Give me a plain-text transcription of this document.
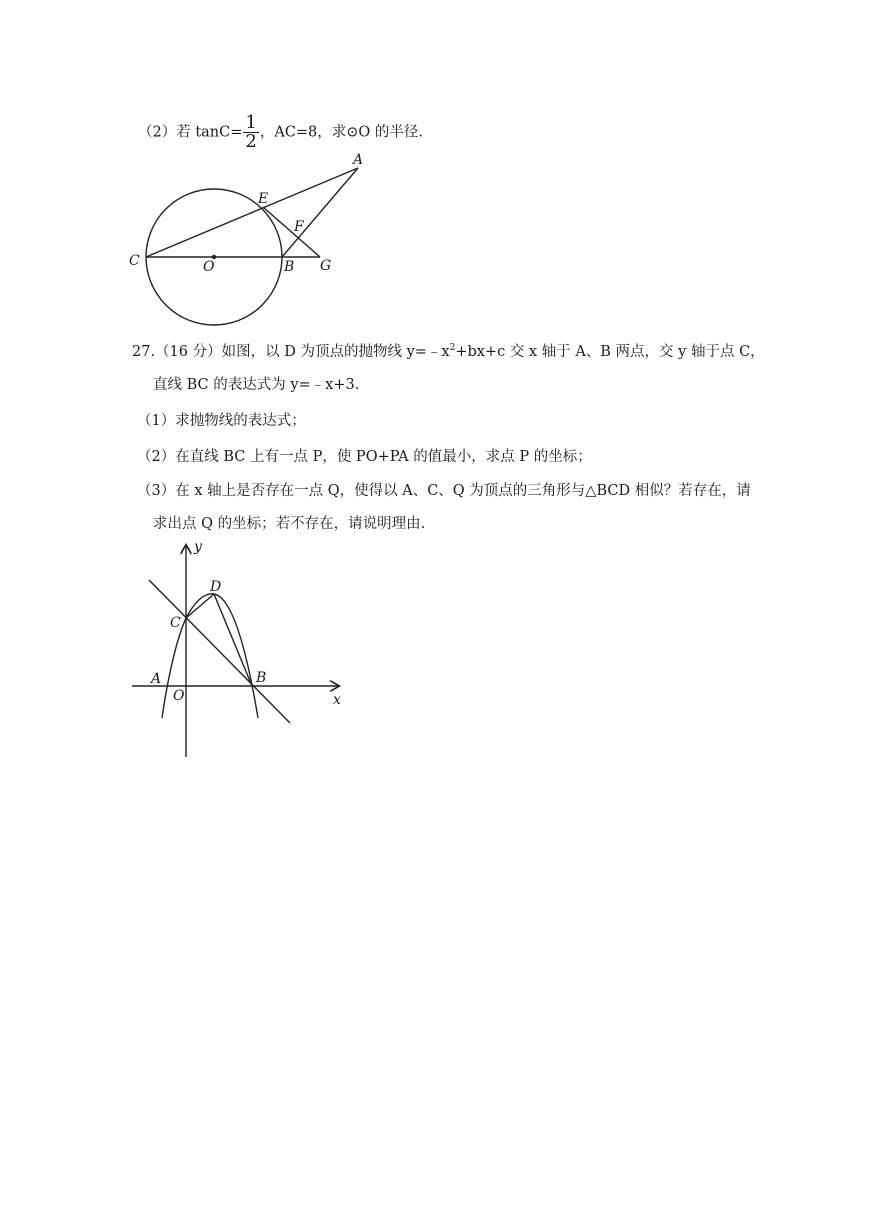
（2）若 $\tan C= \frac{1}{2}$ ，AC=8，求⊙O 的半径.
A
E
F
C	O	B G
27.（16 分）如图，以 D 为顶点的抛物线 $y=﹣x^2+bx+c$ 交 x 轴于 A、B 两点，交 y 轴于点 C，
直线 BC 的表达式为 y=﹣x+3.
（1）求抛物线的表达式；
（2）在直线 BC 上有一点 P，使 PO+PA 的值最小，求点 P 的坐标；
（3）在 x 轴上是否存在一点 Q，使得以 A、C、Q 为顶点的三角形与△BCD 相似？若存在，请
求出点 Q 的坐标；若不存在，请说明理由.
y
x
D
C
A
O
B
